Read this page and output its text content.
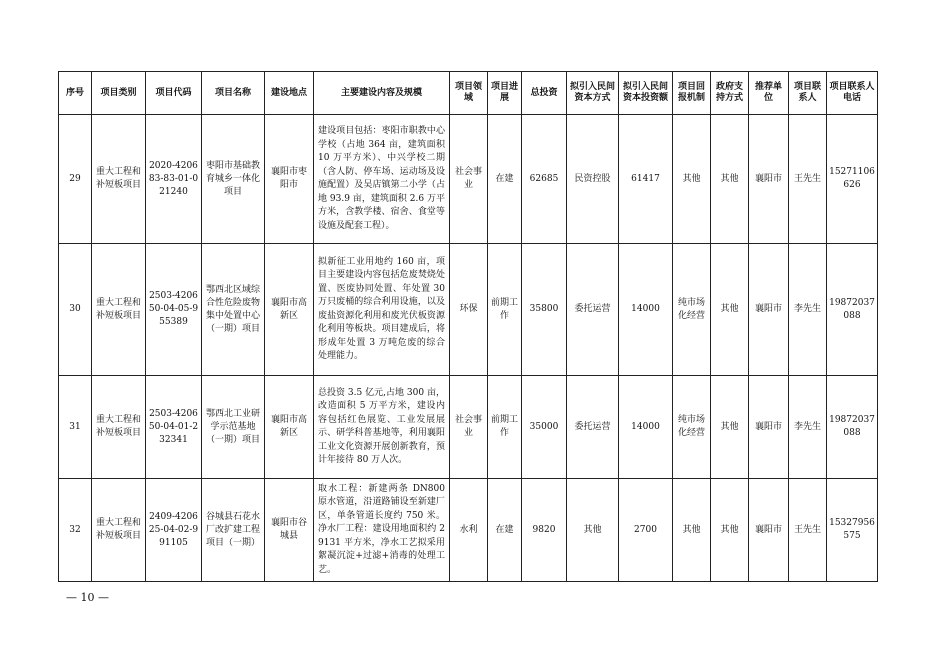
序号	项目类别	项目代码	项目名称	建设地点	主要建设内容及规模	项目领域	项目进展	总投资	拟引入民间资本方式	拟引入民间资本投资额	项目回报机制	政府支持方式	推荐单位	项目联系人	项目联系人电话
29	重大工程和补短板项目	2020-420683-83-01-021240	枣阳市基础教育城乡一体化项目	襄阳市枣阳市	建设项目包括：枣阳市职教中心学校（占地 364 亩，建筑面积 10 万平方米）、中兴学校二期（含人防、停车场、运动场及设施配置）及吴店镇第二小学（占地 93.9 亩，建筑面积 2.6 万平方米，含教学楼、宿舍、食堂等设施及配套工程）。	社会事业	在建	62685	民资控股	61417	其他	其他	襄阳市	王先生	15271106626
30	重大工程和补短板项目	2503-420650-04-05-955389	鄂西北区域综合性危险废物集中处置中心（一期）项目	襄阳市高新区	拟新征工业用地约 160 亩，项目主要建设内容包括危废焚烧处置、医废协同处置、年处置 30 万只废桶的综合利用设施，以及废盐资源化利用和废光伏板资源化利用等板块。项目建成后，将形成年处置 3 万吨危废的综合处理能力。	环保	前期工作	35800	委托运营	14000	纯市场化经营	其他	襄阳市	李先生	19872037088
31	重大工程和补短板项目	2503-420650-04-01-232341	鄂西北工业研学示范基地（一期）项目	襄阳市高新区	总投资 3.5 亿元,占地 300 亩，改造面积 5 万平方米，建设内容包括红色展览、工业发展展示、研学科普基地等，利用襄阳工业文化资源开展创新教育，预计年接待 80 万人次。	社会事业	前期工作	35000	委托运营	14000	纯市场化经营	其他	襄阳市	李先生	19872037088
32	重大工程和补短板项目	2409-420625-04-02-991105	谷城县石花水厂改扩建工程项目（一期）	襄阳市谷城县	取水工程：新建两条 DN800 原水管道，沿道路铺设至新建厂区，单条管道长度约 750 米。净水厂工程：建设用地面积约 29131 平方米，净水工艺拟采用絮凝沉淀+过滤+消毒的处理工艺。	水利	在建	9820	其他	2700	其他	其他	襄阳市	王先生	15327956575
— 10 —
